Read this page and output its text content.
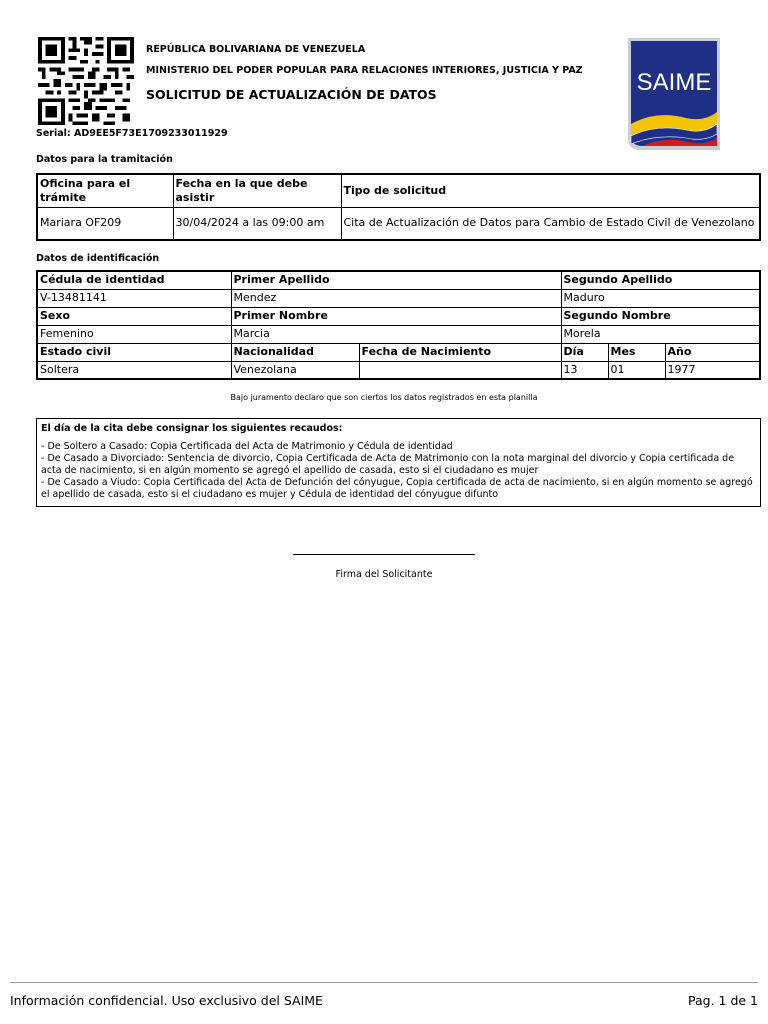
REPÚBLICA BOLIVARIANA DE VENEZUELA
MINISTERIO DEL PODER POPULAR PARA RELACIONES INTERIORES, JUSTICIA Y PAZ
SOLICITUD DE ACTUALIZACIÓN DE DATOS	SAIME
Serial: AD9EE5F73E1709233011929
Datos para la tramitación
Oficina para el trámite	Fecha en la que debe asistir	Tipo de solicitud
Mariara OF209	30/04/2024 a las 09:00 am	Cita de Actualización de Datos para Cambio de Estado Civil de Venezolano
Datos de identificación
Cédula de identidad	Primer Apellido		Segundo Apellido		
V-13481141	Mendez		Maduro		
Sexo	Primer Nombre		Segundo Nombre		
Femenino	Marcia		Morela		
Estado civil	Nacionalidad	Fecha de Nacimiento	Día	Mes	Año
Soltera	Venezolana		13	01	1977
Bajo juramento declaro que son ciertos los datos registrados en esta planilla
El día de la cita debe consignar los siguientes recaudos:

- De Soltero a Casado: Copia Certificada del Acta de Matrimonio y Cédula de identidad

- De Casado a Divorciado: Sentencia de divorcio, Copia Certificada de Acta de Matrimonio con la nota marginal del divorcio y Copia certificada de acta de nacimiento, si en algún momento se agregó el apellido de casada, esto si el ciudadano es mujer

- De Casado a Viudo: Copia Certificada del Acta de Defunción del cónyugue, Copia certificada de acta de nacimiento, si en algún momento se agregó el apellido de casada, esto si el ciudadano es mujer y Cédula de identidad del cónyugue difunto

Firma del Solicitante
Información confidencial. Uso exclusivo del SAIME	Pag. 1 de 1
